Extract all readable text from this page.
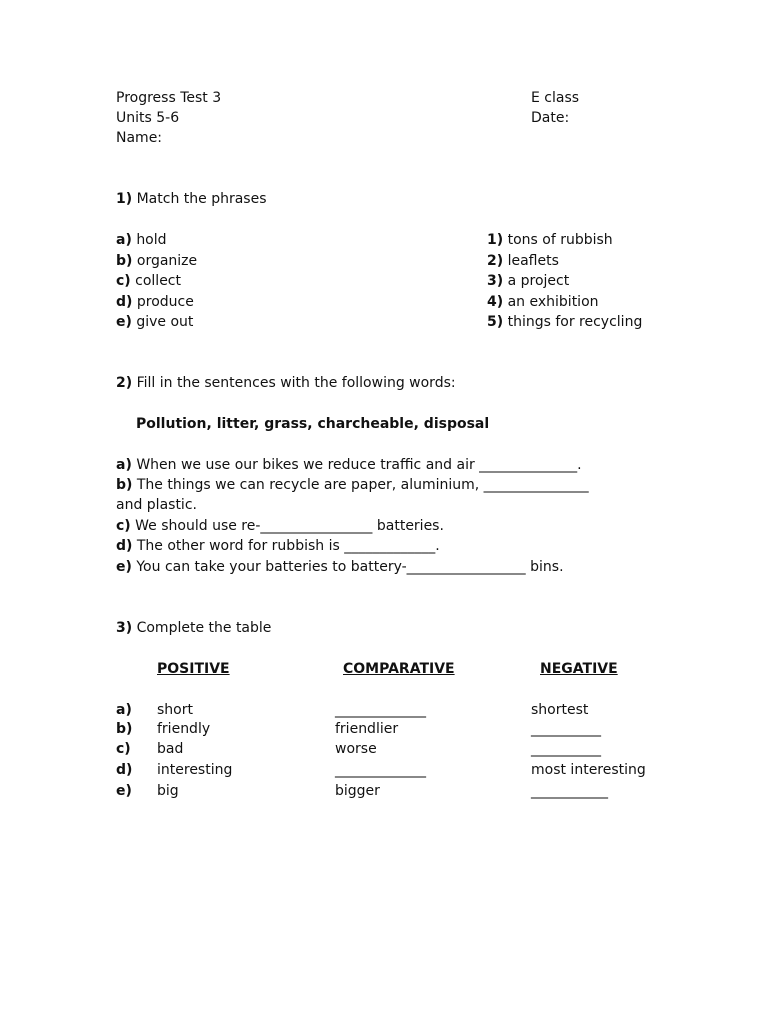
Progress Test 3
Units 5-6
Name:
E class
Date:
1) Match the phrases
a) hold
b) organize
c) collect
d) produce
e) give out
1) tons of rubbish
2) leaflets
3) a project
4) an exhibition
5) things for recycling
2) Fill in the sentences with the following words:
Pollution, litter, grass, charcheable, disposal
a) When we use our bikes we reduce traffic and air ______________.
b) The things we can recycle are paper, aluminium, _______________
and plastic.
c) We should use re-________________ batteries.
d) The other word for rubbish is _____________.
e) You can take your batteries to battery-_________________ bins.
3) Complete the table
POSITIVE	COMPARATIVE	NEGATIVE
a) short	_____________	shortest
b) friendly	friendlier	__________
c) bad	worse	__________
d) interesting	_____________	most interesting
e) big	bigger	___________
